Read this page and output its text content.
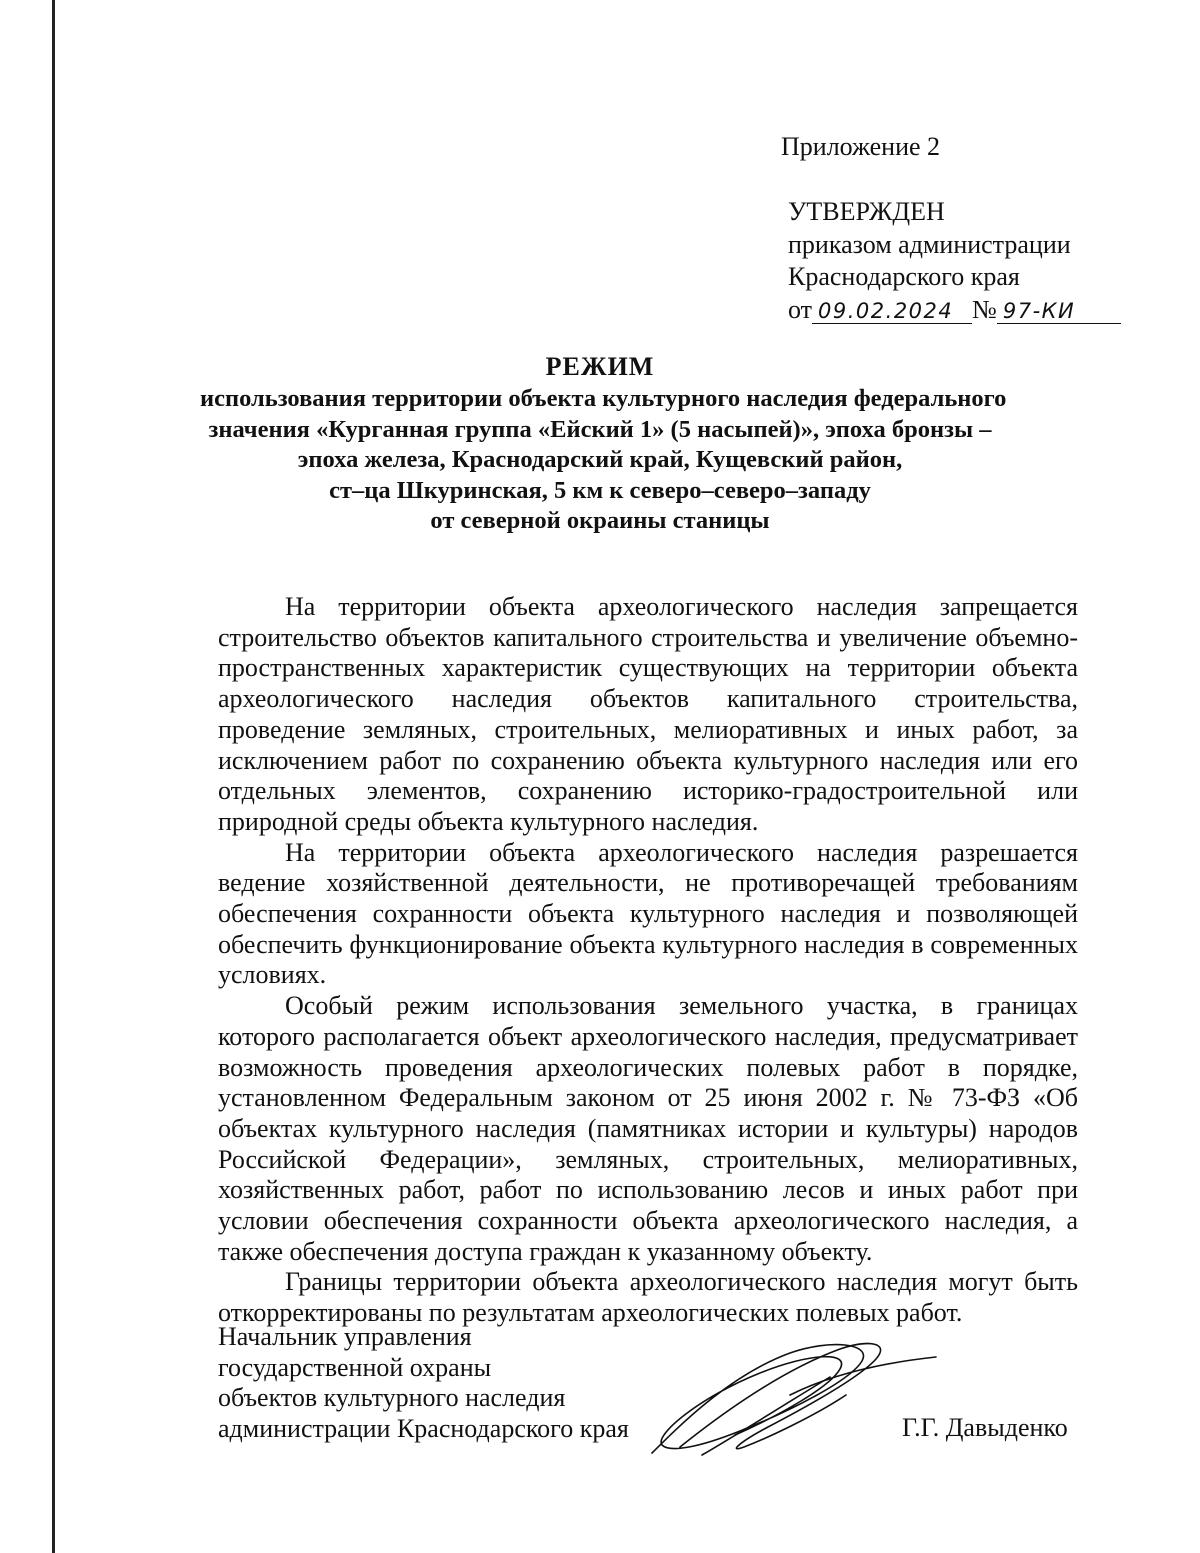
Приложение 2
УТВЕРЖДЕН
приказом администрации
Краснодарского края
от 09.02.2024 № 97-КИ
РЕЖИМ
использования территории объекта культурного наследия федерального
значения «Курганная группа «Ейский 1» (5 насыпей)», эпоха бронзы –
эпоха железа, Краснодарский край, Кущевский район,
ст–ца Шкуринская, 5 км к северо–северо–западу
от северной окраины станицы

На территории объекта археологического наследия запрещается строительство объектов капитального строительства и увеличение объемно-пространственных характеристик существующих на территории объекта археологического наследия объектов капитального строительства, проведение земляных, строительных, мелиоративных и иных работ, за исключением работ по сохранению объекта культурного наследия или его отдельных элементов, сохранению историко-градостроительной или природной среды объекта культурного наследия.

На территории объекта археологического наследия разрешается ведение хозяйственной деятельности, не противоречащей требованиям обеспечения сохранности объекта культурного наследия и позволяющей обеспечить функционирование объекта культурного наследия в современных условиях.

Особый режим использования земельного участка, в границах которого располагается объект археологического наследия, предусматривает возможность проведения археологических полевых работ в порядке, установленном Федеральным законом от 25 июня 2002 г. № 73-ФЗ «Об объектах культурного наследия (памятниках истории и культуры) народов Российской Федерации», земляных, строительных, мелиоративных, хозяйственных работ, работ по использованию лесов и иных работ при условии обеспечения сохранности объекта археологического наследия, а также обеспечения доступа граждан к указанному объекту.

Границы территории объекта археологического наследия могут быть откорректированы по результатам археологических полевых работ.

Начальник управления
государственной охраны
объектов культурного наследия
администрации Краснодарского края	Г.Г. Давыденко
